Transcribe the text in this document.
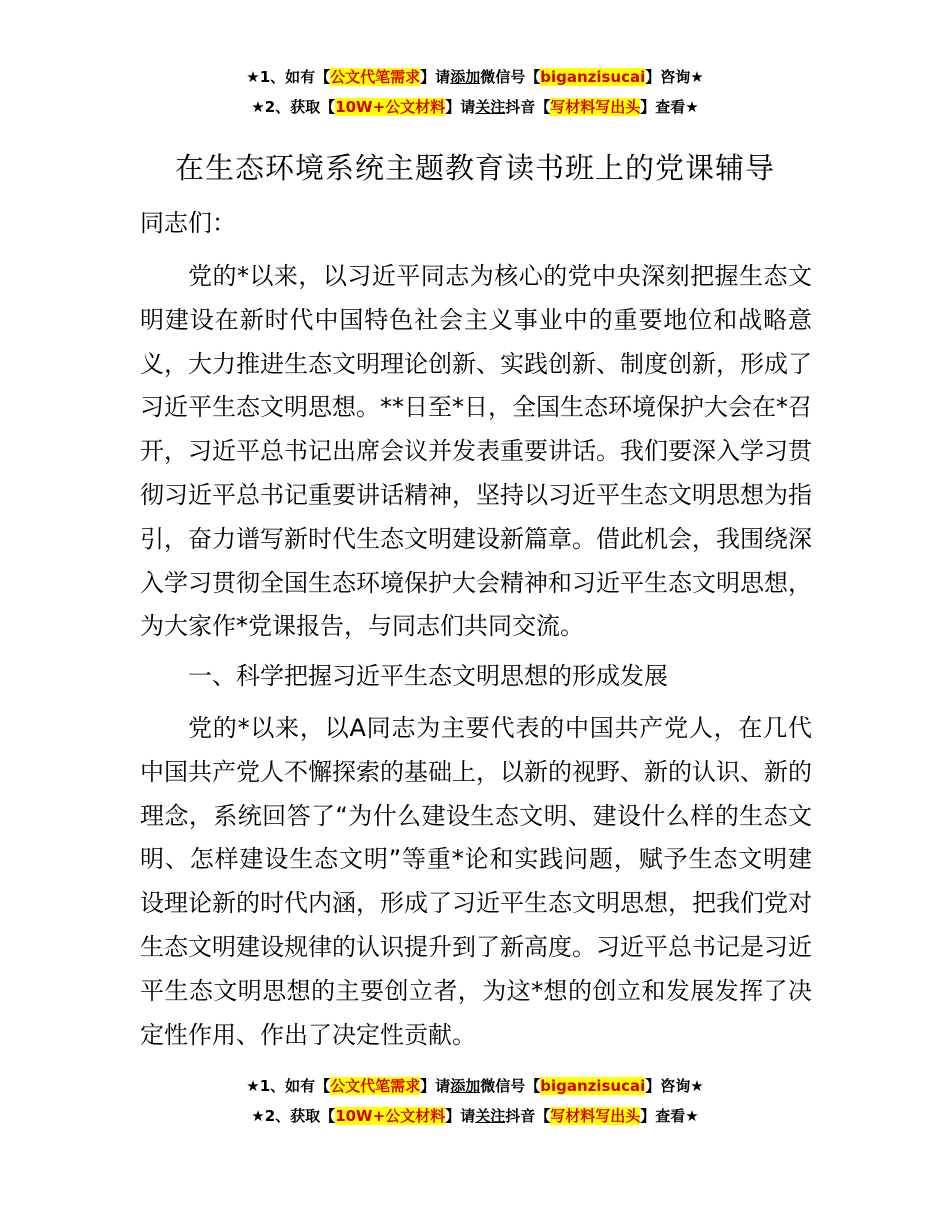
★1、如有【公文代笔需求】请添加微信号【biganzisucai】咨询★
★2、获取【10W+公文材料】请关注抖音【写材料写出头】查看★
在生态环境系统主题教育读书班上的党课辅导

同志们：

党的*以来，以习近平同志为核心的党中央深刻把握生态文明建设在新时代中国特色社会主义事业中的重要地位和战略意义，大力推进生态文明理论创新、实践创新、制度创新，形成了习近平生态文明思想。**日至*日，全国生态环境保护大会在*召开，习近平总书记出席会议并发表重要讲话。我们要深入学习贯彻习近平总书记重要讲话精神，坚持以习近平生态文明思想为指引，奋力谱写新时代生态文明建设新篇章。借此机会，我围绕深入学习贯彻全国生态环境保护大会精神和习近平生态文明思想，为大家作*党课报告，与同志们共同交流。

一、科学把握习近平生态文明思想的形成发展

党的*以来，以A同志为主要代表的中国共产党人，在几代中国共产党人不懈探索的基础上，以新的视野、新的认识、新的理念，系统回答了“为什么建设生态文明、建设什么样的生态文明、怎样建设生态文明”等重*论和实践问题，赋予生态文明建设理论新的时代内涵，形成了习近平生态文明思想，把我们党对生态文明建设规律的认识提升到了新高度。习近平总书记是习近平生态文明思想的主要创立者，为这*想的创立和发展发挥了决定性作用、作出了决定性贡献。

★1、如有【公文代笔需求】请添加微信号【biganzisucai】咨询★
★2、获取【10W+公文材料】请关注抖音【写材料写出头】查看★
